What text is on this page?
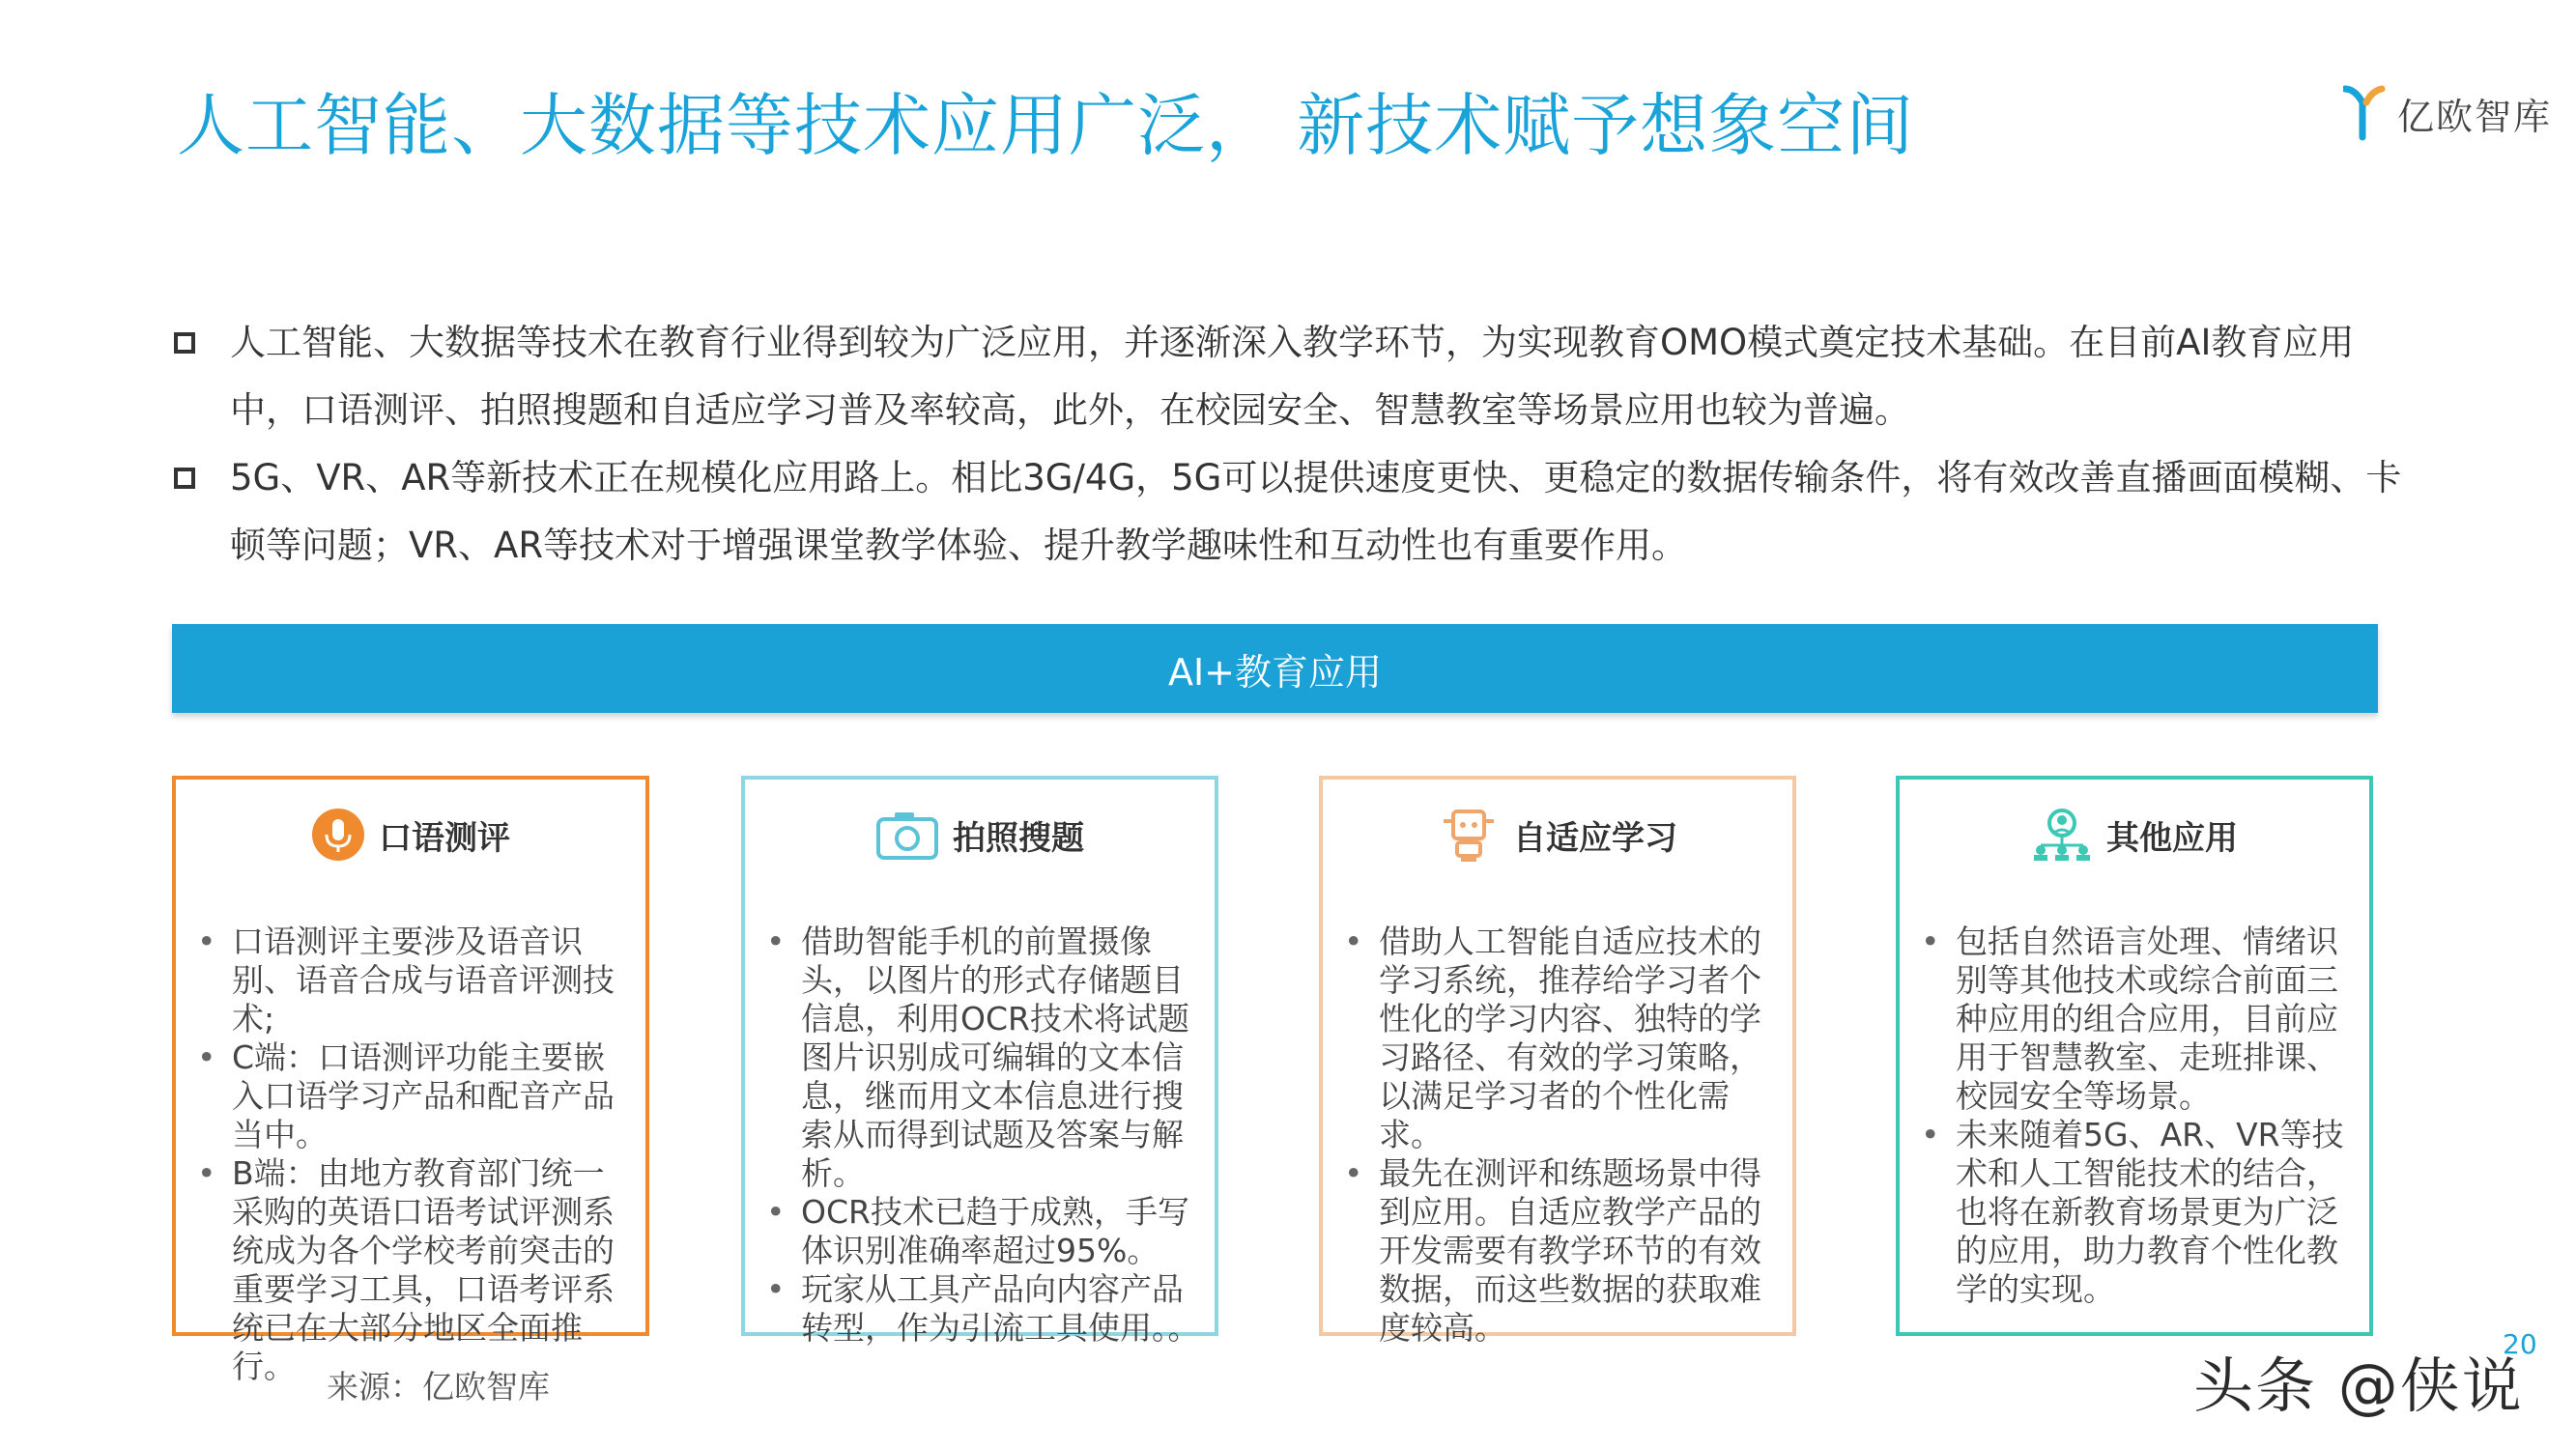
人工智能、大数据等技术应用广泛， 新技术赋予想象空间	亿欧智库
人工智能、大数据等技术在教育行业得到较为广泛应用，并逐渐深入教学环节，为实现教育OMO模式奠定技术基础。在目前AI教育应用中，口语测评、拍照搜题和自适应学习普及率较高，此外，在校园安全、智慧教室等场景应用也较为普遍。
5G、VR、AR等新技术正在规模化应用路上。相比3G/4G，5G可以提供速度更快、更稳定的数据传输条件，将有效改善直播画面模糊、卡顿等问题；VR、AR等技术对于增强课堂教学体验、提升教学趣味性和互动性也有重要作用。
AI+教育应用
口语测评
• 口语测评主要涉及语音识别、语音合成与语音评测技术;
• C端：口语测评功能主要嵌入口语学习产品和配音产品当中。
• B端：由地方教育部门统一采购的英语口语考试评测系统成为各个学校考前突击的重要学习工具，口语考评系统已在大部分地区全面推行。
拍照搜题
• 借助智能手机的前置摄像头，以图片的形式存储题目信息，利用OCR技术将试题图片识别成可编辑的文本信息，继而用文本信息进行搜索从而得到试题及答案与解析。
• OCR技术已趋于成熟，手写体识别准确率超过95%。
• 玩家从工具产品向内容产品转型，作为引流工具使用。。
自适应学习
• 借助人工智能自适应技术的学习系统，推荐给学习者个性化的学习内容、独特的学习路径、有效的学习策略，以满足学习者的个性化需求。
• 最先在测评和练题场景中得到应用。自适应教学产品的开发需要有教学环节的有效数据，而这些数据的获取难度较高。
其他应用
• 包括自然语言处理、情绪识别等其他技术或综合前面三种应用的组合应用，目前应用于智慧教室、走班排课、校园安全等场景。
• 未来随着5G、AR、VR等技术和人工智能技术的结合，也将在新教育场景更为广泛的应用，助力教育个性化教学的实现。
来源：亿欧智库	头条 @侠说
20
